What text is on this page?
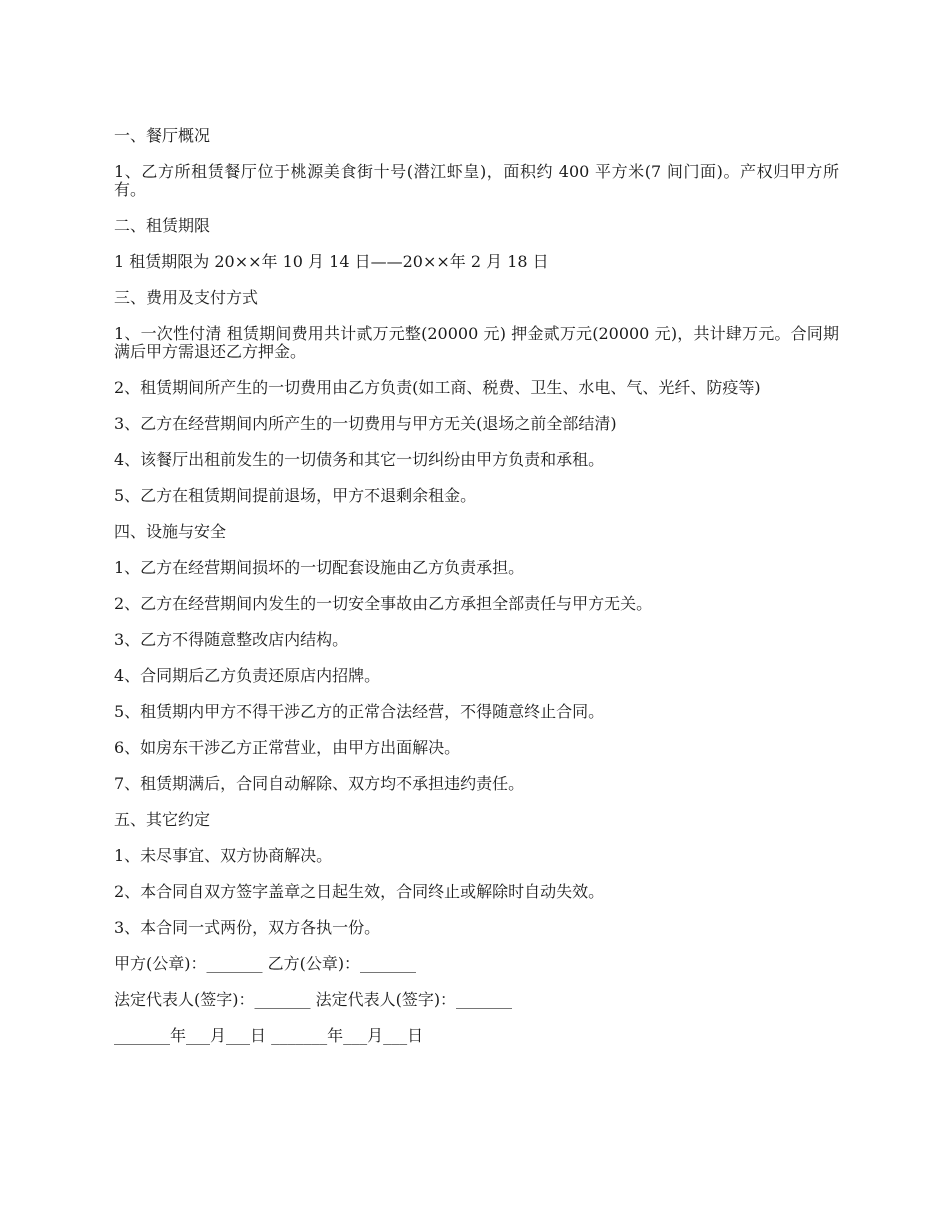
一、餐厅概况

1、乙方所租赁餐厅位于桃源美食街十号(潜江虾皇)，面积约 400 平方米(7 间门面)。产权归甲方所有。

二、租赁期限

1 租赁期限为 20××年 10 月 14 日——20××年 2 月 18 日

三、费用及支付方式

1、一次性付清 租赁期间费用共计贰万元整(20000 元) 押金贰万元(20000 元)，共计肆万元。合同期满后甲方需退还乙方押金。

2、租赁期间所产生的一切费用由乙方负责(如工商、税费、卫生、水电、气、光纤、防疫等)

3、乙方在经营期间内所产生的一切费用与甲方无关(退场之前全部结清)

4、该餐厅出租前发生的一切债务和其它一切纠纷由甲方负责和承租。

5、乙方在租赁期间提前退场，甲方不退剩余租金。

四、设施与安全

1、乙方在经营期间损坏的一切配套设施由乙方负责承担。

2、乙方在经营期间内发生的一切安全事故由乙方承担全部责任与甲方无关。

3、乙方不得随意整改店内结构。

4、合同期后乙方负责还原店内招牌。

5、租赁期内甲方不得干涉乙方的正常合法经营，不得随意终止合同。

6、如房东干涉乙方正常营业，由甲方出面解决。

7、租赁期满后，合同自动解除、双方均不承担违约责任。

五、其它约定

1、未尽事宜、双方协商解决。

2、本合同自双方签字盖章之日起生效，合同终止或解除时自动失效。

3、本合同一式两份，双方各执一份。

甲方(公章)：_______ 乙方(公章)：_______

法定代表人(签字)：_______ 法定代表人(签字)：_______

_______年___月___日 _______年___月___日
